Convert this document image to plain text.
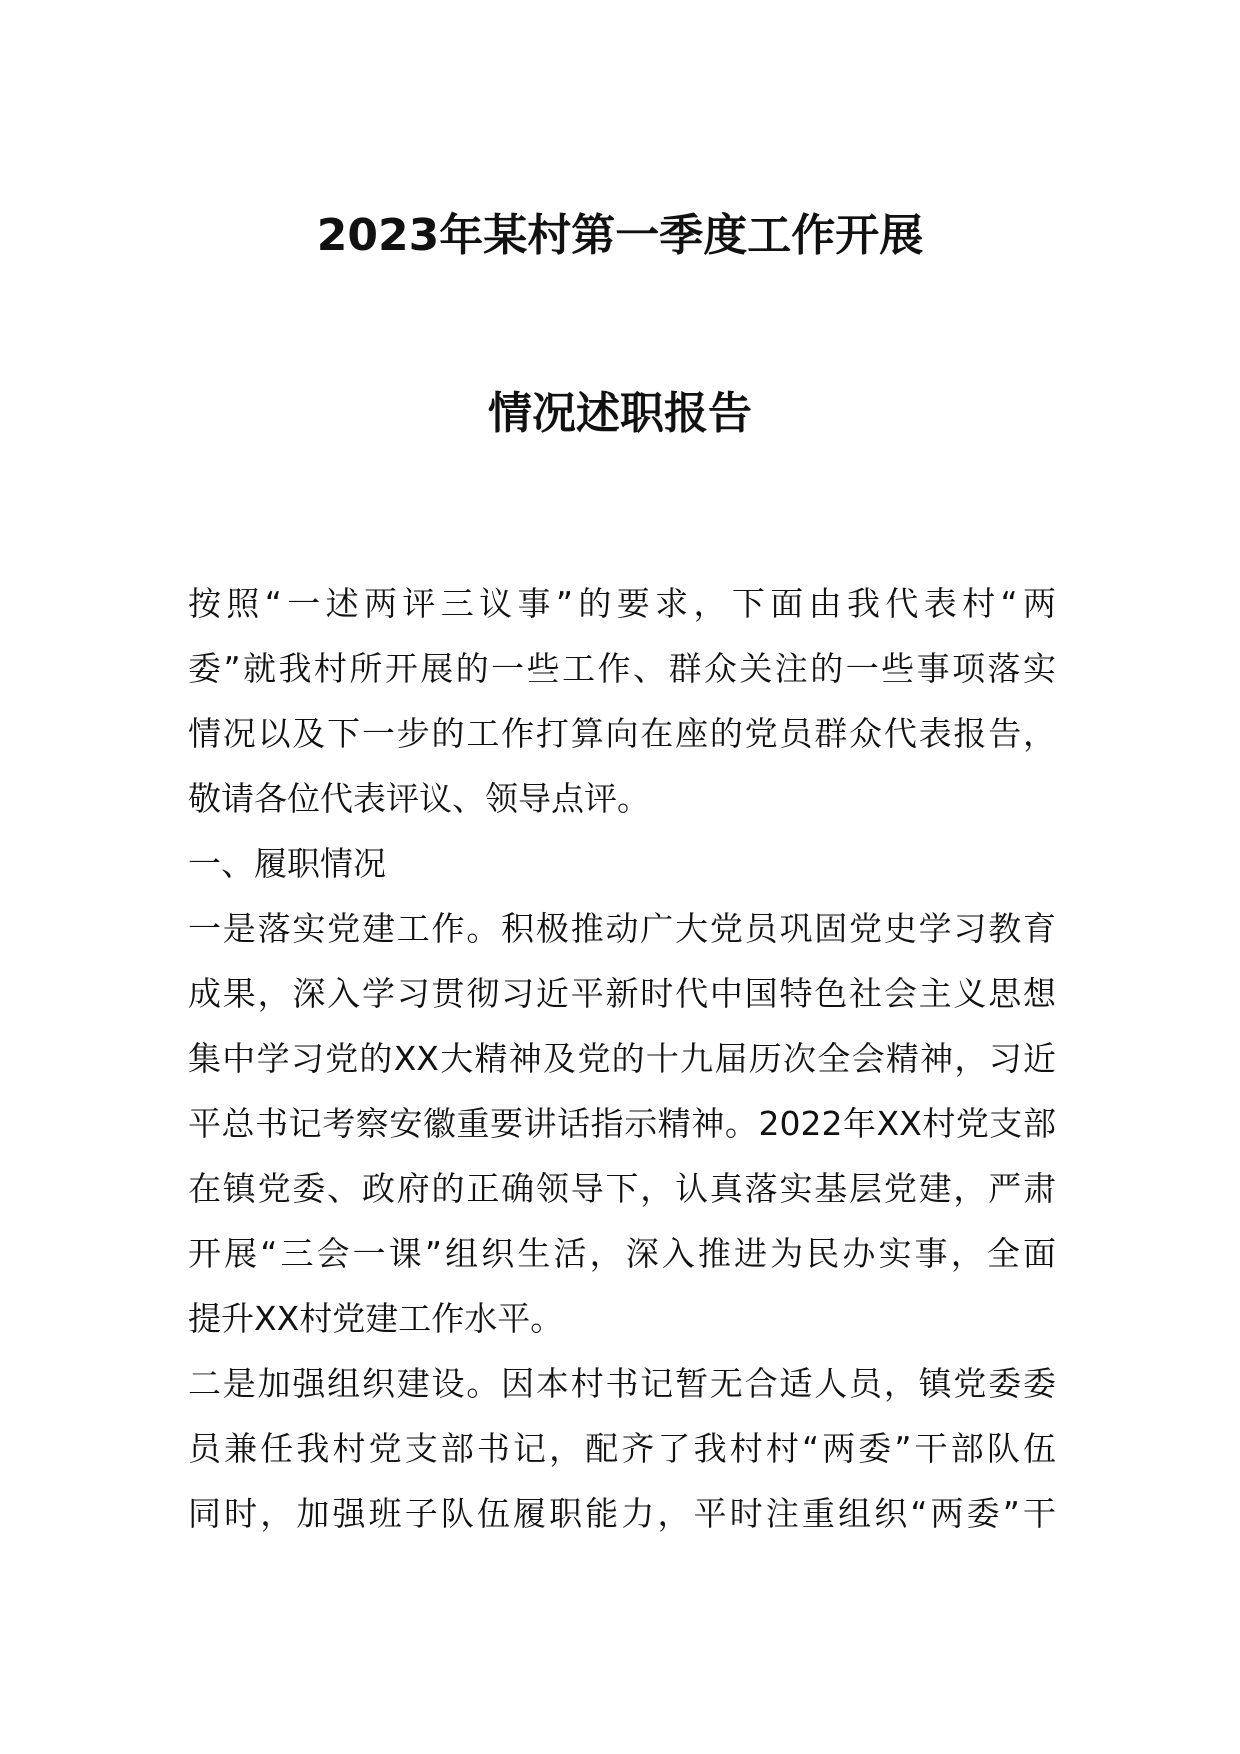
2023年某村第一季度工作开展
情况述职报告
按照“一述两评三议事”的要求，下面由我代表村“两
委”就我村所开展的一些工作、群众关注的一些事项落实
情况以及下一步的工作打算向在座的党员群众代表报告，
敬请各位代表评议、领导点评。
一、履职情况
一是落实党建工作。积极推动广大党员巩固党史学习教育
成果，深入学习贯彻习近平新时代中国特色社会主义思想
集中学习党的XX大精神及党的十九届历次全会精神，习近
平总书记考察安徽重要讲话指示精神。2022年XX村党支部
在镇党委、政府的正确领导下，认真落实基层党建，严肃
开展“三会一课”组织生活，深入推进为民办实事，全面
提升XX村党建工作水平。
二是加强组织建设。因本村书记暂无合适人员，镇党委委
员兼任我村党支部书记，配齐了我村村“两委”干部队伍
同时，加强班子队伍履职能力，平时注重组织“两委”干
